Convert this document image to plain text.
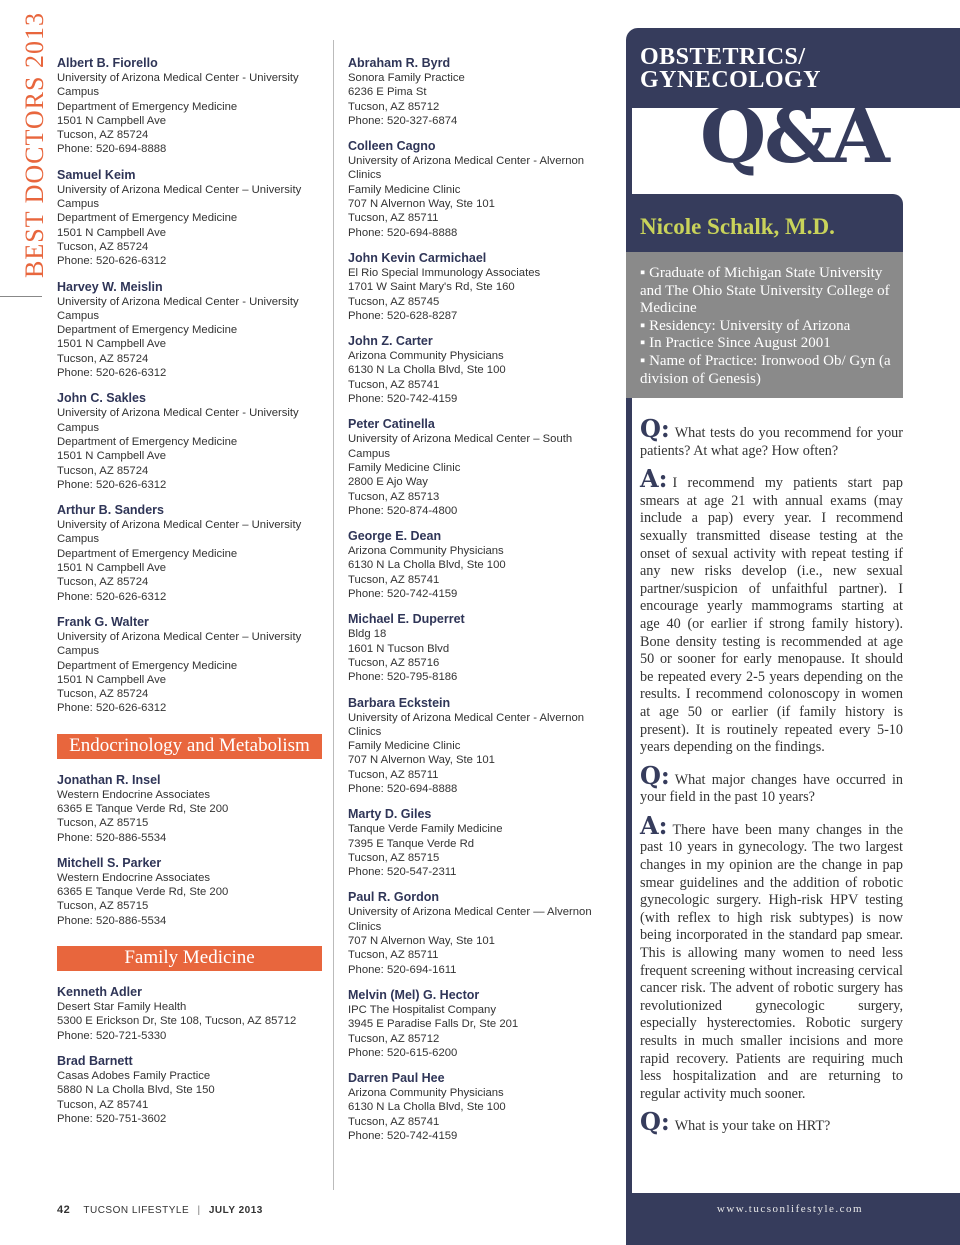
BEST DOCTORS 2013 Albert B. Fiorello
University of Arizona Medical Center - University
Campus
Department of Emergency Medicine
1501 N Campbell Ave
Tucson, AZ 85724
Phone: 520-694-8888
Samuel Keim
University of Arizona Medical Center – University
Campus
Department of Emergency Medicine
1501 N Campbell Ave
Tucson, AZ 85724
Phone: 520-626-6312
Harvey W. Meislin
University of Arizona Medical Center - University
Campus
Department of Emergency Medicine
1501 N Campbell Ave
Tucson, AZ 85724
Phone: 520-626-6312
John C. Sakles
University of Arizona Medical Center - University
Campus
Department of Emergency Medicine
1501 N Campbell Ave
Tucson, AZ 85724
Phone: 520-626-6312
Arthur B. Sanders
University of Arizona Medical Center – University
Campus
Department of Emergency Medicine
1501 N Campbell Ave
Tucson, AZ 85724
Phone: 520-626-6312
Frank G. Walter
University of Arizona Medical Center – University
Campus
Department of Emergency Medicine
1501 N Campbell Ave
Tucson, AZ 85724
Phone: 520-626-6312
Endocrinology and Metabolism
Jonathan R. Insel
Western Endocrine Associates
6365 E Tanque Verde Rd, Ste 200
Tucson, AZ 85715
Phone: 520-886-5534
Mitchell S. Parker
Western Endocrine Associates
6365 E Tanque Verde Rd, Ste 200
Tucson, AZ 85715
Phone: 520-886-5534
Family Medicine
Kenneth Adler
Desert Star Family Health
5300 E Erickson Dr, Ste 108, Tucson, AZ 85712
Phone: 520-721-5330
Brad Barnett
Casas Adobes Family Practice
5880 N La Cholla Blvd, Ste 150
Tucson, AZ 85741
Phone: 520-751-3602
Abraham R. Byrd
Sonora Family Practice
6236 E Pima St
Tucson, AZ 85712
Phone: 520-327-6874
Colleen Cagno
University of Arizona Medical Center - Alvernon
Clinics
Family Medicine Clinic
707 N Alvernon Way, Ste 101
Tucson, AZ 85711
Phone: 520-694-8888
John Kevin Carmichael
El Rio Special Immunology Associates
1701 W Saint Mary's Rd, Ste 160
Tucson, AZ 85745
Phone: 520-628-8287
John Z. Carter
Arizona Community Physicians
6130 N La Cholla Blvd, Ste 100
Tucson, AZ 85741
Phone: 520-742-4159
Peter Catinella
University of Arizona Medical Center – South
Campus
Family Medicine Clinic
2800 E Ajo Way
Tucson, AZ 85713
Phone: 520-874-4800
George E. Dean
Arizona Community Physicians
6130 N La Cholla Blvd, Ste 100
Tucson, AZ 85741
Phone: 520-742-4159
Michael E. Duperret
Bldg 18
1601 N Tucson Blvd
Tucson, AZ 85716
Phone: 520-795-8186
Barbara Eckstein
University of Arizona Medical Center - Alvernon
Clinics
Family Medicine Clinic
707 N Alvernon Way, Ste 101
Tucson, AZ 85711
Phone: 520-694-8888
Marty D. Giles
Tanque Verde Family Medicine
7395 E Tanque Verde Rd
Tucson, AZ 85715
Phone: 520-547-2311
Paul R. Gordon
University of Arizona Medical Center — Alvernon
Clinics
707 N Alvernon Way, Ste 101
Tucson, AZ 85711
Phone: 520-694-1611
Melvin (Mel) G. Hector
IPC The Hospitalist Company
3945 E Paradise Falls Dr, Ste 201
Tucson, AZ 85712
Phone: 520-615-6200
Darren Paul Hee
Arizona Community Physicians
6130 N La Cholla Blvd, Ste 100
Tucson, AZ 85741
Phone: 520-742-4159
42 TUCSON LIFESTYLE | JULY 2013
OBSTETRICS/
GYNECOLOGY
Q&A
Nicole Schalk, M.D.
▪ Graduate of Michigan State University and The Ohio State University College of Medicine
▪ Residency: University of Arizona
▪ In Practice Since August 2001
▪ Name of Practice: Ironwood Ob/ Gyn (a division of Genesis)

Q: What tests do you recommend for your patients? At what age? How often?

A: I recommend my patients start pap smears at age 21 with annual exams (may include a pap) every year. I recommend sexually transmitted disease testing at the onset of sexual activity with repeat testing if any new risks develop (i.e., new sexual partner/suspicion of unfaithful partner). I encourage yearly mammograms starting at age 40 (or earlier if strong family history). Bone density testing is recommended at age 50 or sooner for early menopause. It should be repeated every 2-5 years depending on the results. I recommend colonoscopy in women at age 50 or earlier (if family history is present). It is routinely repeated every 5-10 years depending on the findings.

Q: What major changes have occurred in your field in the past 10 years?

A: There have been many changes in the past 10 years in gynecology. The two largest changes in my opinion are the change in pap smear guidelines and the addition of robotic gynecologic surgery. High-risk HPV testing (with reflex to high risk subtypes) is now being incorporated in the standard pap smear. This is allowing many women to need less frequent screening without increasing cervical cancer risk. The advent of robotic surgery has revolutionized gynecologic surgery, especially hysterectomies. Robotic surgery results in much smaller incisions and more rapid recovery. Patients are requiring much less hospitalization and are returning to regular activity much sooner.

Q: What is your take on HRT?

www.tucsonlifestyle.com
